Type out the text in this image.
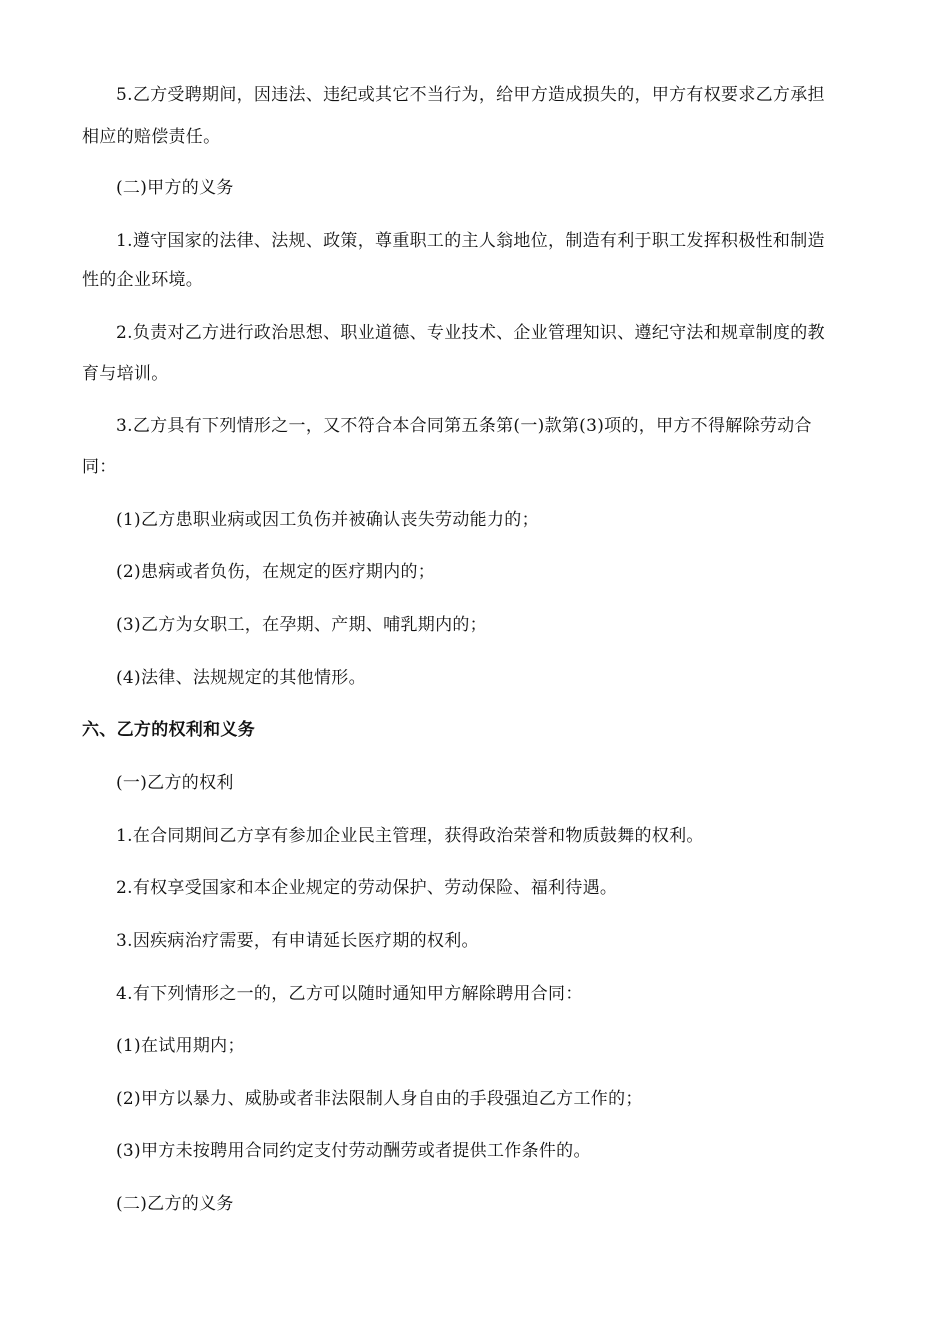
5.乙方受聘期间，因违法、违纪或其它不当行为，给甲方造成损失的，甲方有权要求乙方承担
相应的赔偿责任。
(二)甲方的义务
1.遵守国家的法律、法规、政策，尊重职工的主人翁地位，制造有利于职工发挥积极性和制造
性的企业环境。
2.负责对乙方进行政治思想、职业道德、专业技术、企业管理知识、遵纪守法和规章制度的教
育与培训。
3.乙方具有下列情形之一，又不符合本合同第五条第(一)款第(3)项的，甲方不得解除劳动合
同：
(1)乙方患职业病或因工负伤并被确认丧失劳动能力的；
(2)患病或者负伤，在规定的医疗期内的；
(3)乙方为女职工，在孕期、产期、哺乳期内的；
(4)法律、法规规定的其他情形。
六、乙方的权利和义务
(一)乙方的权利
1.在合同期间乙方享有参加企业民主管理，获得政治荣誉和物质鼓舞的权利。
2.有权享受国家和本企业规定的劳动保护、劳动保险、福利待遇。
3.因疾病治疗需要，有申请延长医疗期的权利。
4.有下列情形之一的，乙方可以随时通知甲方解除聘用合同：
(1)在试用期内；
(2)甲方以暴力、威胁或者非法限制人身自由的手段强迫乙方工作的；
(3)甲方未按聘用合同约定支付劳动酬劳或者提供工作条件的。
(二)乙方的义务
